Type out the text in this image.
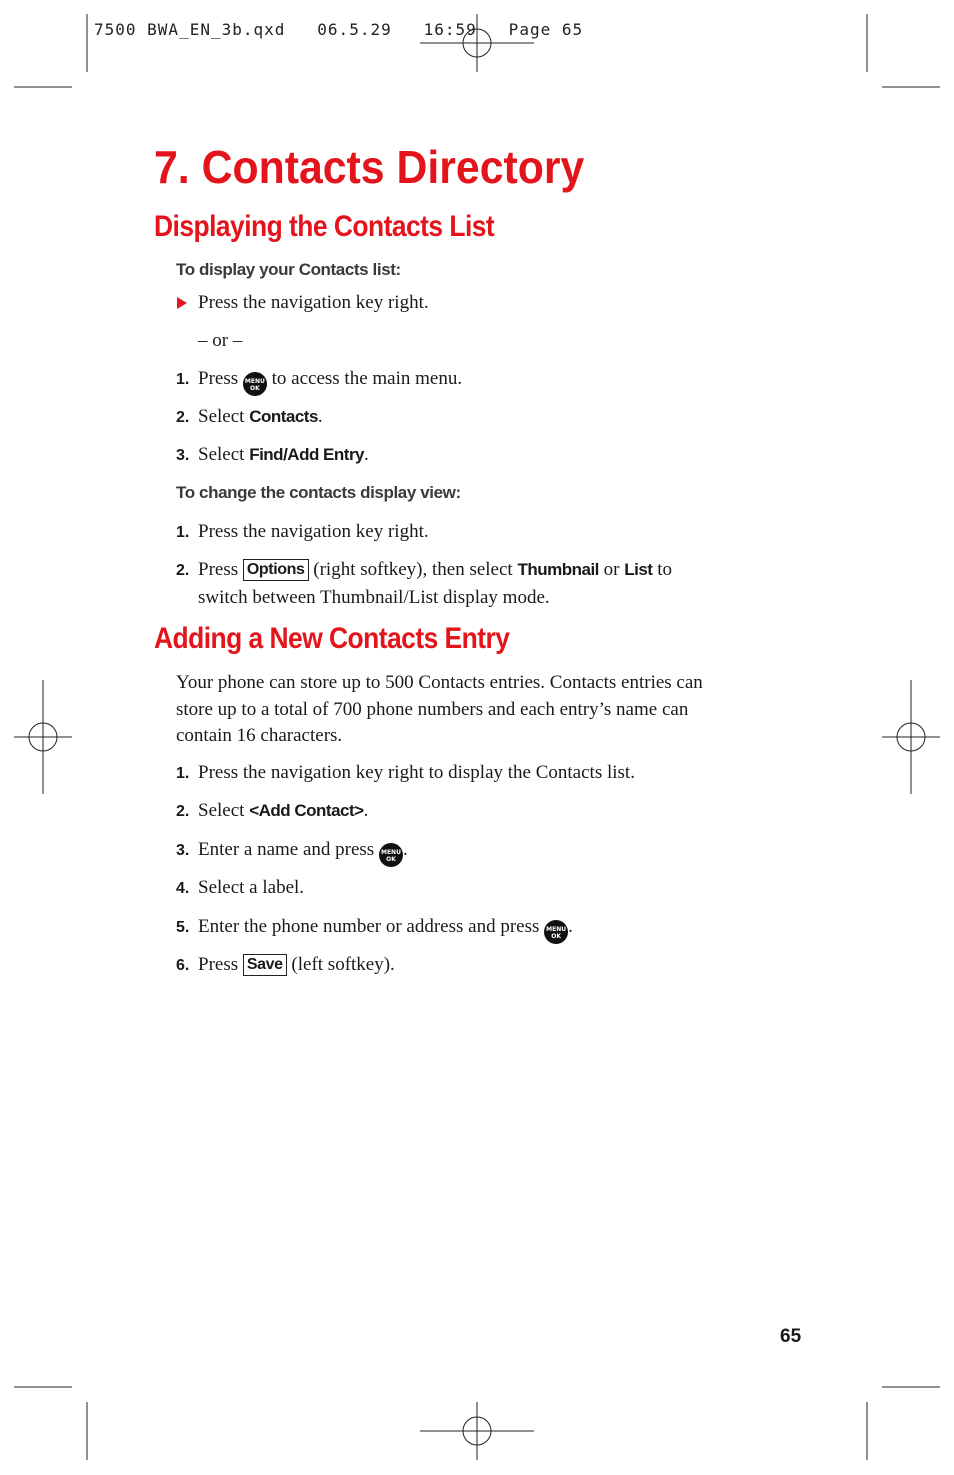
7500 BWA_EN_3b.qxd   06.5.29   16:59   Page 65
7. Contacts Directory
Displaying the Contacts List
To display your Contacts list:
Press the navigation key right.
– or –
1. Press	MENU
OK to access the main menu.
2. Select Contacts.
3. Select Find/Add Entry.
To change the contacts display view:
1. Press the navigation key right.
2. Press Options (right softkey), then select Thumbnail or List to
switch between Thumbnail/List display mode.
Adding a New Contacts Entry

Your phone can store up to 500 Contacts entries. Contacts entries can store up to a total of 700 phone numbers and each entry’s name can contain 16 characters.

1. Press the navigation key right to display the Contacts list.
2. Select <Add Contact>.
3. Enter a name and press	MENU
OK .
4. Select a label.
5. Enter the phone number or address and press	MENU
OK .
6. Press Save (left softkey).
65
